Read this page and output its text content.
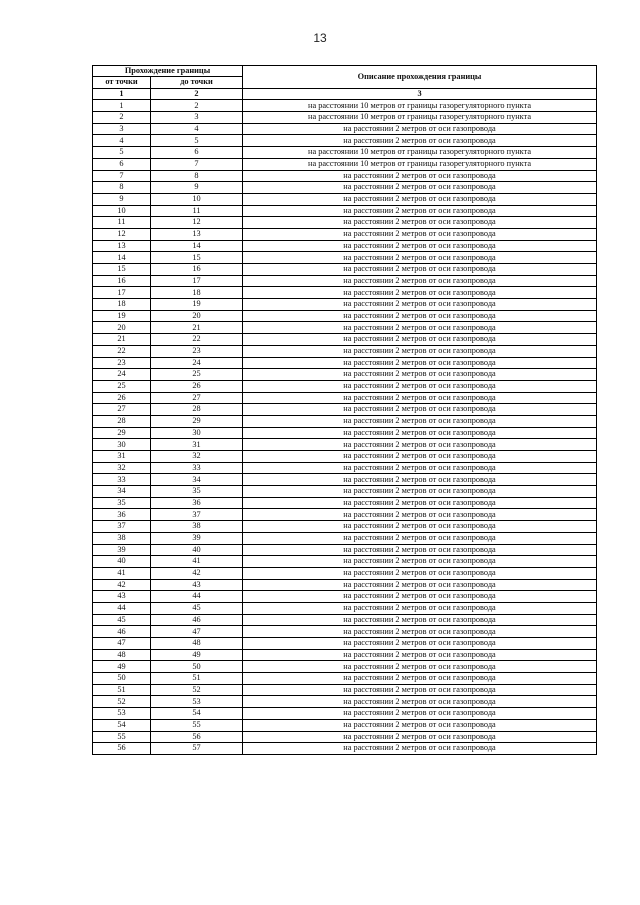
13
Прохождение границы		Описание прохождения границы
от точки	до точки	
1	2	3
1	2	на расстоянии 10 метров от границы газорегуляторного пункта
2	3	на расстоянии 10 метров от границы газорегуляторного пункта
3	4	на расстоянии 2 метров от оси газопровода
4	5	на расстоянии 2 метров от оси газопровода
5	6	на расстоянии 10 метров от границы газорегуляторного пункта
6	7	на расстоянии 10 метров от границы газорегуляторного пункта
7	8	на расстоянии 2 метров от оси газопровода
8	9	на расстоянии 2 метров от оси газопровода
9	10	на расстоянии 2 метров от оси газопровода
10	11	на расстоянии 2 метров от оси газопровода
11	12	на расстоянии 2 метров от оси газопровода
12	13	на расстоянии 2 метров от оси газопровода
13	14	на расстоянии 2 метров от оси газопровода
14	15	на расстоянии 2 метров от оси газопровода
15	16	на расстоянии 2 метров от оси газопровода
16	17	на расстоянии 2 метров от оси газопровода
17	18	на расстоянии 2 метров от оси газопровода
18	19	на расстоянии 2 метров от оси газопровода
19	20	на расстоянии 2 метров от оси газопровода
20	21	на расстоянии 2 метров от оси газопровода
21	22	на расстоянии 2 метров от оси газопровода
22	23	на расстоянии 2 метров от оси газопровода
23	24	на расстоянии 2 метров от оси газопровода
24	25	на расстоянии 2 метров от оси газопровода
25	26	на расстоянии 2 метров от оси газопровода
26	27	на расстоянии 2 метров от оси газопровода
27	28	на расстоянии 2 метров от оси газопровода
28	29	на расстоянии 2 метров от оси газопровода
29	30	на расстоянии 2 метров от оси газопровода
30	31	на расстоянии 2 метров от оси газопровода
31	32	на расстоянии 2 метров от оси газопровода
32	33	на расстоянии 2 метров от оси газопровода
33	34	на расстоянии 2 метров от оси газопровода
34	35	на расстоянии 2 метров от оси газопровода
35	36	на расстоянии 2 метров от оси газопровода
36	37	на расстоянии 2 метров от оси газопровода
37	38	на расстоянии 2 метров от оси газопровода
38	39	на расстоянии 2 метров от оси газопровода
39	40	на расстоянии 2 метров от оси газопровода
40	41	на расстоянии 2 метров от оси газопровода
41	42	на расстоянии 2 метров от оси газопровода
42	43	на расстоянии 2 метров от оси газопровода
43	44	на расстоянии 2 метров от оси газопровода
44	45	на расстоянии 2 метров от оси газопровода
45	46	на расстоянии 2 метров от оси газопровода
46	47	на расстоянии 2 метров от оси газопровода
47	48	на расстоянии 2 метров от оси газопровода
48	49	на расстоянии 2 метров от оси газопровода
49	50	на расстоянии 2 метров от оси газопровода
50	51	на расстоянии 2 метров от оси газопровода
51	52	на расстоянии 2 метров от оси газопровода
52	53	на расстоянии 2 метров от оси газопровода
53	54	на расстоянии 2 метров от оси газопровода
54	55	на расстоянии 2 метров от оси газопровода
55	56	на расстоянии 2 метров от оси газопровода
56	57	на расстоянии 2 метров от оси газопровода
